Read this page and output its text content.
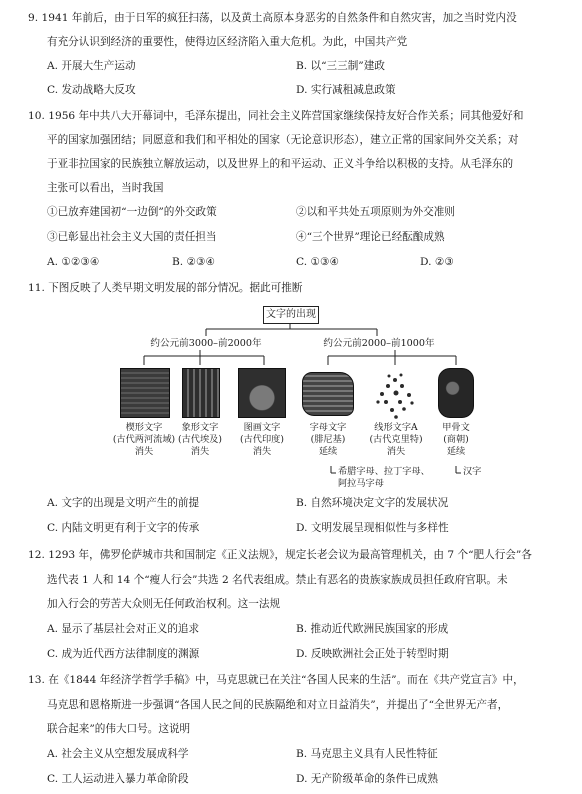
9. 1941 年前后，由于日军的疯狂扫荡，以及黄土高原本身恶劣的自然条件和自然灾害，加之当时党内没
有充分认识到经济的重要性，使得边区经济陷入重大危机。为此，中国共产党
A. 开展大生产运动	B. 以“三三制”建政
C. 发动战略大反攻	D. 实行减租减息政策
10. 1956 年中共八大开幕词中，毛泽东提出，同社会主义阵营国家继续保持友好合作关系；同其他爱好和
平的国家加强团结；同愿意和我们和平相处的国家（无论意识形态），建立正常的国家间外交关系；对
于亚非拉国家的民族独立解放运动，以及世界上的和平运动、正义斗争给以积极的支持。从毛泽东的
主张可以看出，当时我国
①已放弃建国初“一边倒”的外交政策	②以和平共处五项原则为外交准则
③已彰显出社会主义大国的责任担当	④“三个世界”理论已经酝酿成熟
A. ①②③④	B. ②③④	C. ①③④	D. ②③
11. 下图反映了人类早期文明发展的部分情况。据此可推断
文字的出现
约公元前3000–前2000年	约公元前2000–前1000年
楔形文字
(古代两河流域)
消失
象形文字
(古代埃及)
消失
图画文字
(古代印度)
消失
字母文字
(腓尼基)
延续
线形文字A
(古代克里特)
消失
甲骨文
(商朝)
延续
希腊字母、拉丁字母、
阿拉马字母
汉字
A. 文字的出现是文明产生的前提	B. 自然环境决定文字的发展状况
C. 内陆文明更有利于文字的传承	D. 文明发展呈现相似性与多样性
12. 1293 年，佛罗伦萨城市共和国制定《正义法规》，规定长老会议为最高管理机关，由 7 个“肥人行会”各
选代表 1 人和 14 个“瘦人行会”共选 2 名代表组成。禁止有恶名的贵族家族成员担任政府官职。未
加入行会的劳苦大众则无任何政治权利。这一法规
A. 显示了基层社会对正义的追求	B. 推动近代欧洲民族国家的形成
C. 成为近代西方法律制度的渊源	D. 反映欧洲社会正处于转型时期
13. 在《1844 年经济学哲学手稿》中，马克思就已在关注“各国人民来的生活”。而在《共产党宣言》中，
马克思和恩格斯进一步强调“各国人民之间的民族隔绝和对立日益消失”，并提出了“全世界无产者，
联合起来”的伟大口号。这说明
A. 社会主义从空想发展成科学	B. 马克思主义具有人民性特征
C. 工人运动进入暴力革命阶段	D. 无产阶级革命的条件已成熟
